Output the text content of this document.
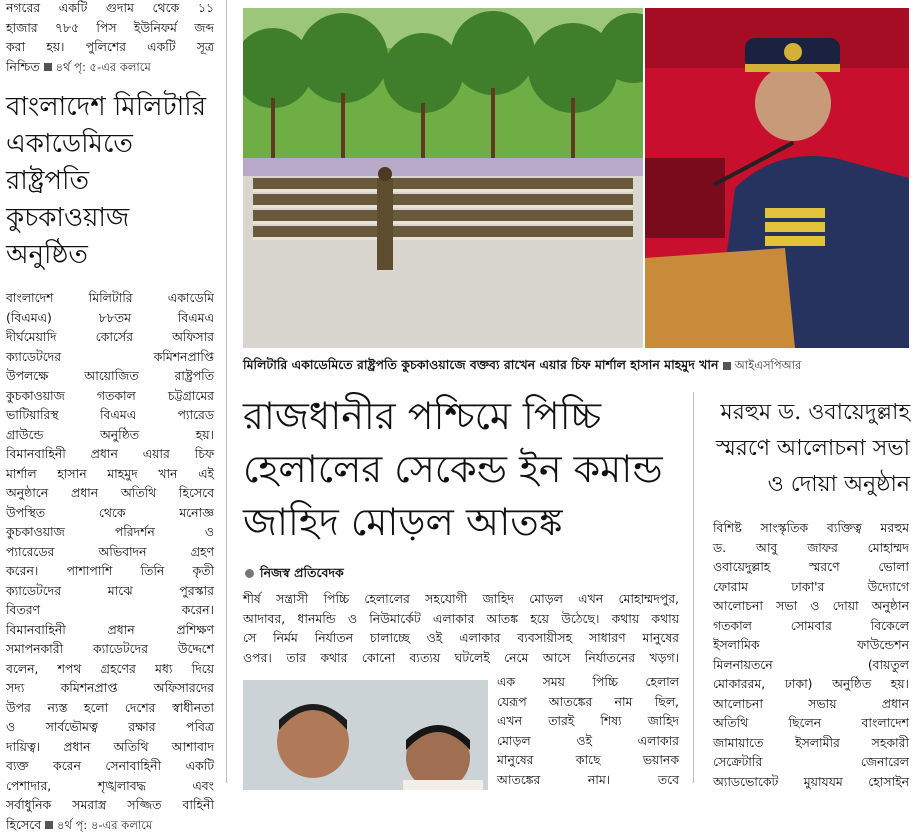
নগরের একটি গুদাম থেকে ১১
হাজার ৭৮৫ পিস ইউনিফর্ম জব্দ
করা হয়। পুলিশের একটি সূত্র
নিশ্চিত ৪র্থ পৃ: ৫-এর কলামে
বাংলাদেশ মিলিটারি
একাডেমিতে রাষ্ট্রপতি
কুচকাওয়াজ অনুষ্ঠিত
বাংলাদেশ মিলিটারি একাডেমি
(বিএমএ) ৮৮তম বিএমএ
দীর্ঘমেয়াদি কোর্সের অফিসার
ক্যাডেটদের কমিশনপ্রাপ্তি
উপলক্ষে আয়োজিত রাষ্ট্রপতি
কুচকাওয়াজ গতকাল চট্টগ্রামের
ভাটিয়ারিস্থ বিএমএ প্যারেড
গ্রাউন্ডে অনুষ্ঠিত হয়।
বিমানবাহিনী প্রধান এয়ার চিফ
মার্শাল হাসান মাহমুদ খান এই
অনুষ্ঠানে প্রধান অতিথি হিসেবে
উপস্থিত থেকে মনোজ্ঞ
কুচকাওয়াজ পরিদর্শন ও
প্যারেডের অভিবাদন গ্রহণ
করেন। পাশাপাশি তিনি কৃতী
ক্যাডেটদের মাঝে পুরস্কার
বিতরণ করেন।
বিমানবাহিনী প্রধান প্রশিক্ষণ
সমাপনকারী ক্যাডেটদের উদ্দেশে
বলেন, শপথ গ্রহণের মধ্য দিয়ে
সদ্য কমিশনপ্রাপ্ত অফিসারদের
উপর ন্যস্ত হলো দেশের স্বাধীনতা
ও সার্বভৌমত্ব রক্ষার পবিত্র
দায়িত্ব। প্রধান অতিথি আশাবাদ
ব্যক্ত করেন সেনাবাহিনী একটি
পেশাদার, শৃঙ্খলাবদ্ধ এবং
সর্বাধুনিক সমরাস্ত্র সজ্জিত বাহিনী
হিসেবে ৪র্থ পৃ: ৪-এর কলামে
মিলিটারি একাডেমিতে রাষ্ট্রপতি কুচকাওয়াজে বক্তব্য রাখেন এয়ার চিফ মার্শাল হাসান মাহমুদ খান আইএসপিআর
রাজধানীর পশ্চিমে পিচ্চি
হেলালের সেকেন্ড ইন কমান্ড
জাহিদ মোড়ল আতঙ্ক
নিজস্ব প্রতিবেদক
শীর্ষ সন্ত্রাসী পিচ্চি হেলালের সহযোগী জাহিদ মোড়ল এখন মোহাম্মদপুর,
আদাবর, ধানমন্ডি ও নিউমার্কেট এলাকার আতঙ্ক হয়ে উঠেছে। কথায় কথায়
সে নির্মম নির্যাতন চালাচ্ছে ওই এলাকার ব্যবসায়ীসহ সাধারণ মানুষের
ওপর। তার কথার কোনো ব্যত্যয় ঘটলেই নেমে আসে নির্যাতনের খড়গ।
এক সময় পিচ্চি হেলাল
যেরূপ আতঙ্কের নাম ছিল,
এখন তারই শিষ্য জাহিদ
মোড়ল ওই এলাকার
মানুষের কাছে ভয়ানক
আতঙ্কের নাম। তবে
মরহুম ড. ওবায়েদুল্লাহ
স্মরণে আলোচনা সভা
ও দোয়া অনুষ্ঠান
বিশিষ্ট সাংস্কৃতিক ব্যক্তিত্ব মরহুম
ড. আবু জাফর মোহাম্মদ
ওবায়েদুল্লাহ স্মরণে ভোলা
ফোরাম ঢাকা'র উদ্যোগে
আলোচনা সভা ও দোয়া অনুষ্ঠান
গতকাল সোমবার বিকেলে
ইসলামিক ফাউন্ডেশন
মিলনায়তনে (বায়তুল
মোকাররম, ঢাকা) অনুষ্ঠিত হয়।
আলোচনা সভায় প্রধান
অতিথি ছিলেন বাংলাদেশ
জামায়াতে ইসলামীর সহকারী
সেক্রেটারি জেনারেল
অ্যাডভোকেট মুয়াযযম হোসাইন
